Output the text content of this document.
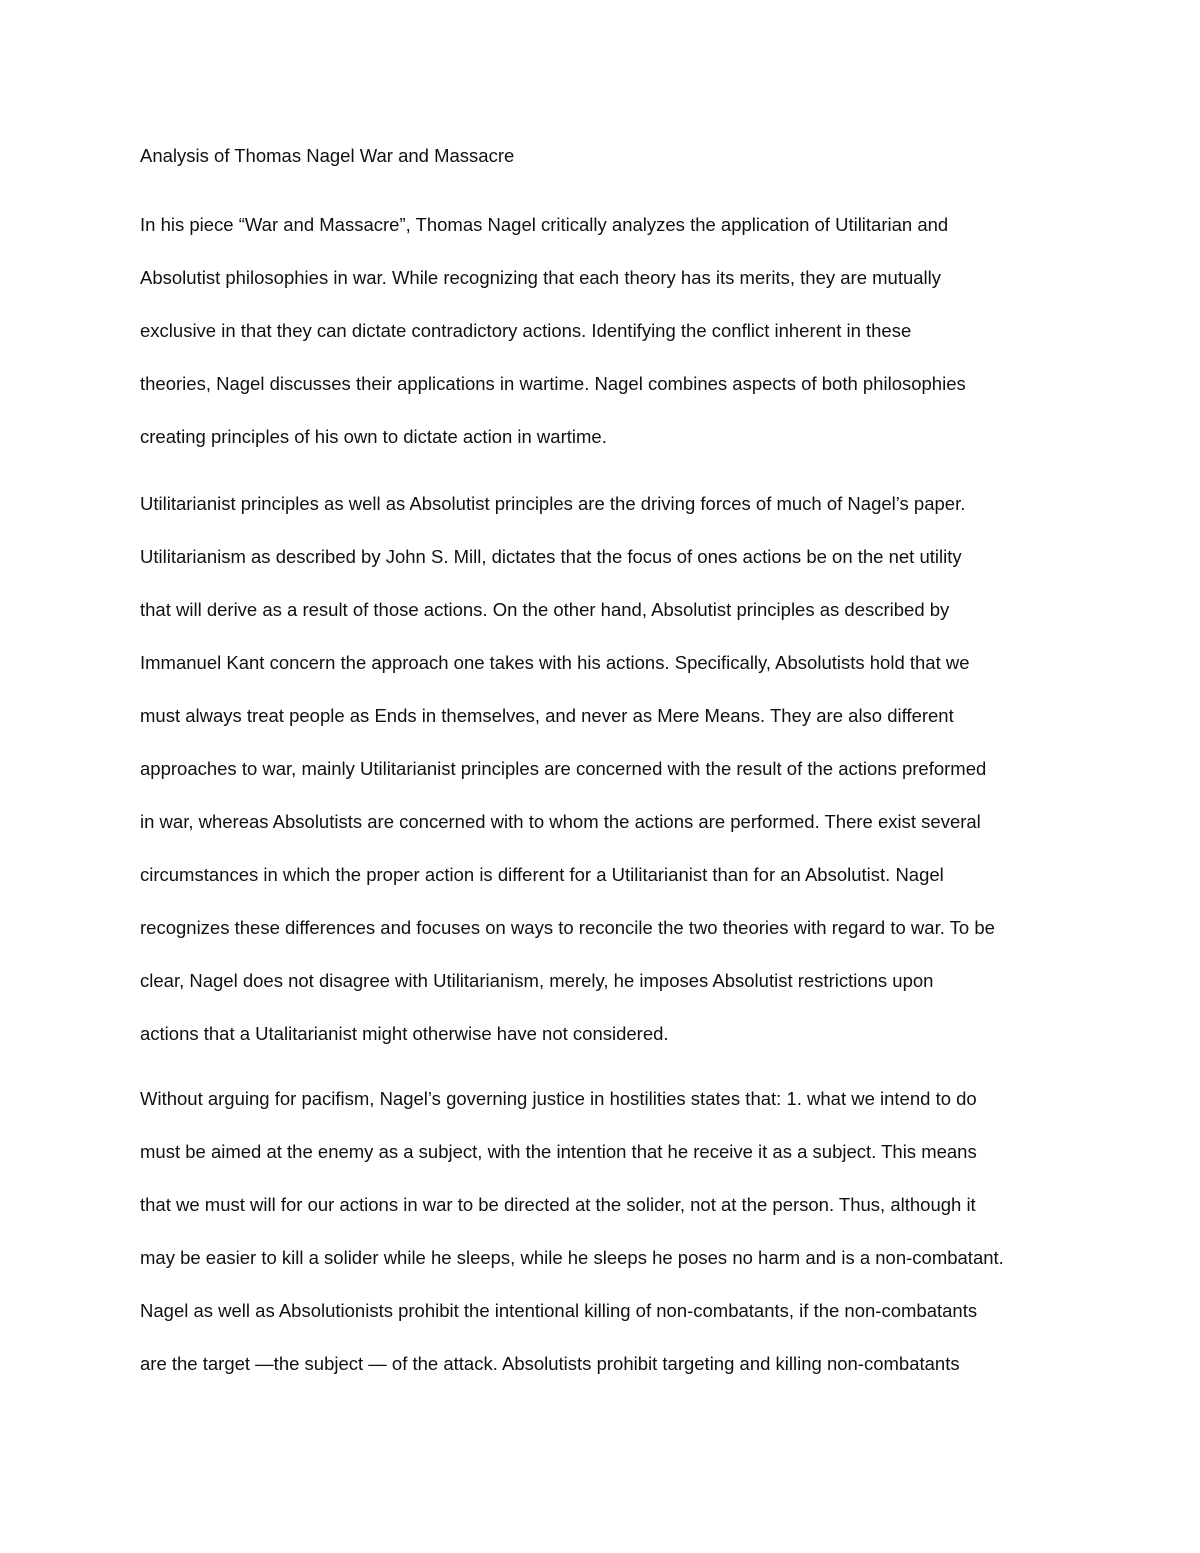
Analysis of Thomas Nagel War and Massacre
In his piece “War and Massacre”, Thomas Nagel critically analyzes the application of Utilitarian and
Absolutist philosophies in war. While recognizing that each theory has its merits, they are mutually
exclusive in that they can dictate contradictory actions. Identifying the conflict inherent in these
theories, Nagel discusses their applications in wartime. Nagel combines aspects of both philosophies
creating principles of his own to dictate action in wartime.
Utilitarianist principles as well as Absolutist principles are the driving forces of much of Nagel’s paper.
Utilitarianism as described by John S. Mill, dictates that the focus of ones actions be on the net utility
that will derive as a result of those actions. On the other hand, Absolutist principles as described by
Immanuel Kant concern the approach one takes with his actions. Specifically, Absolutists hold that we
must always treat people as Ends in themselves, and never as Mere Means. They are also different
approaches to war, mainly Utilitarianist principles are concerned with the result of the actions preformed
in war, whereas Absolutists are concerned with to whom the actions are performed. There exist several
circumstances in which the proper action is different for a Utilitarianist than for an Absolutist. Nagel
recognizes these differences and focuses on ways to reconcile the two theories with regard to war. To be
clear, Nagel does not disagree with Utilitarianism, merely, he imposes Absolutist restrictions upon
actions that a Utalitarianist might otherwise have not considered.
Without arguing for pacifism, Nagel’s governing justice in hostilities states that: 1. what we intend to do
must be aimed at the enemy as a subject, with the intention that he receive it as a subject. This means
that we must will for our actions in war to be directed at the solider, not at the person. Thus, although it
may be easier to kill a solider while he sleeps, while he sleeps he poses no harm and is a non-combatant.
Nagel as well as Absolutionists prohibit the intentional killing of non-combatants, if the non-combatants
are the target —the subject — of the attack. Absolutists prohibit targeting and killing non-combatants
